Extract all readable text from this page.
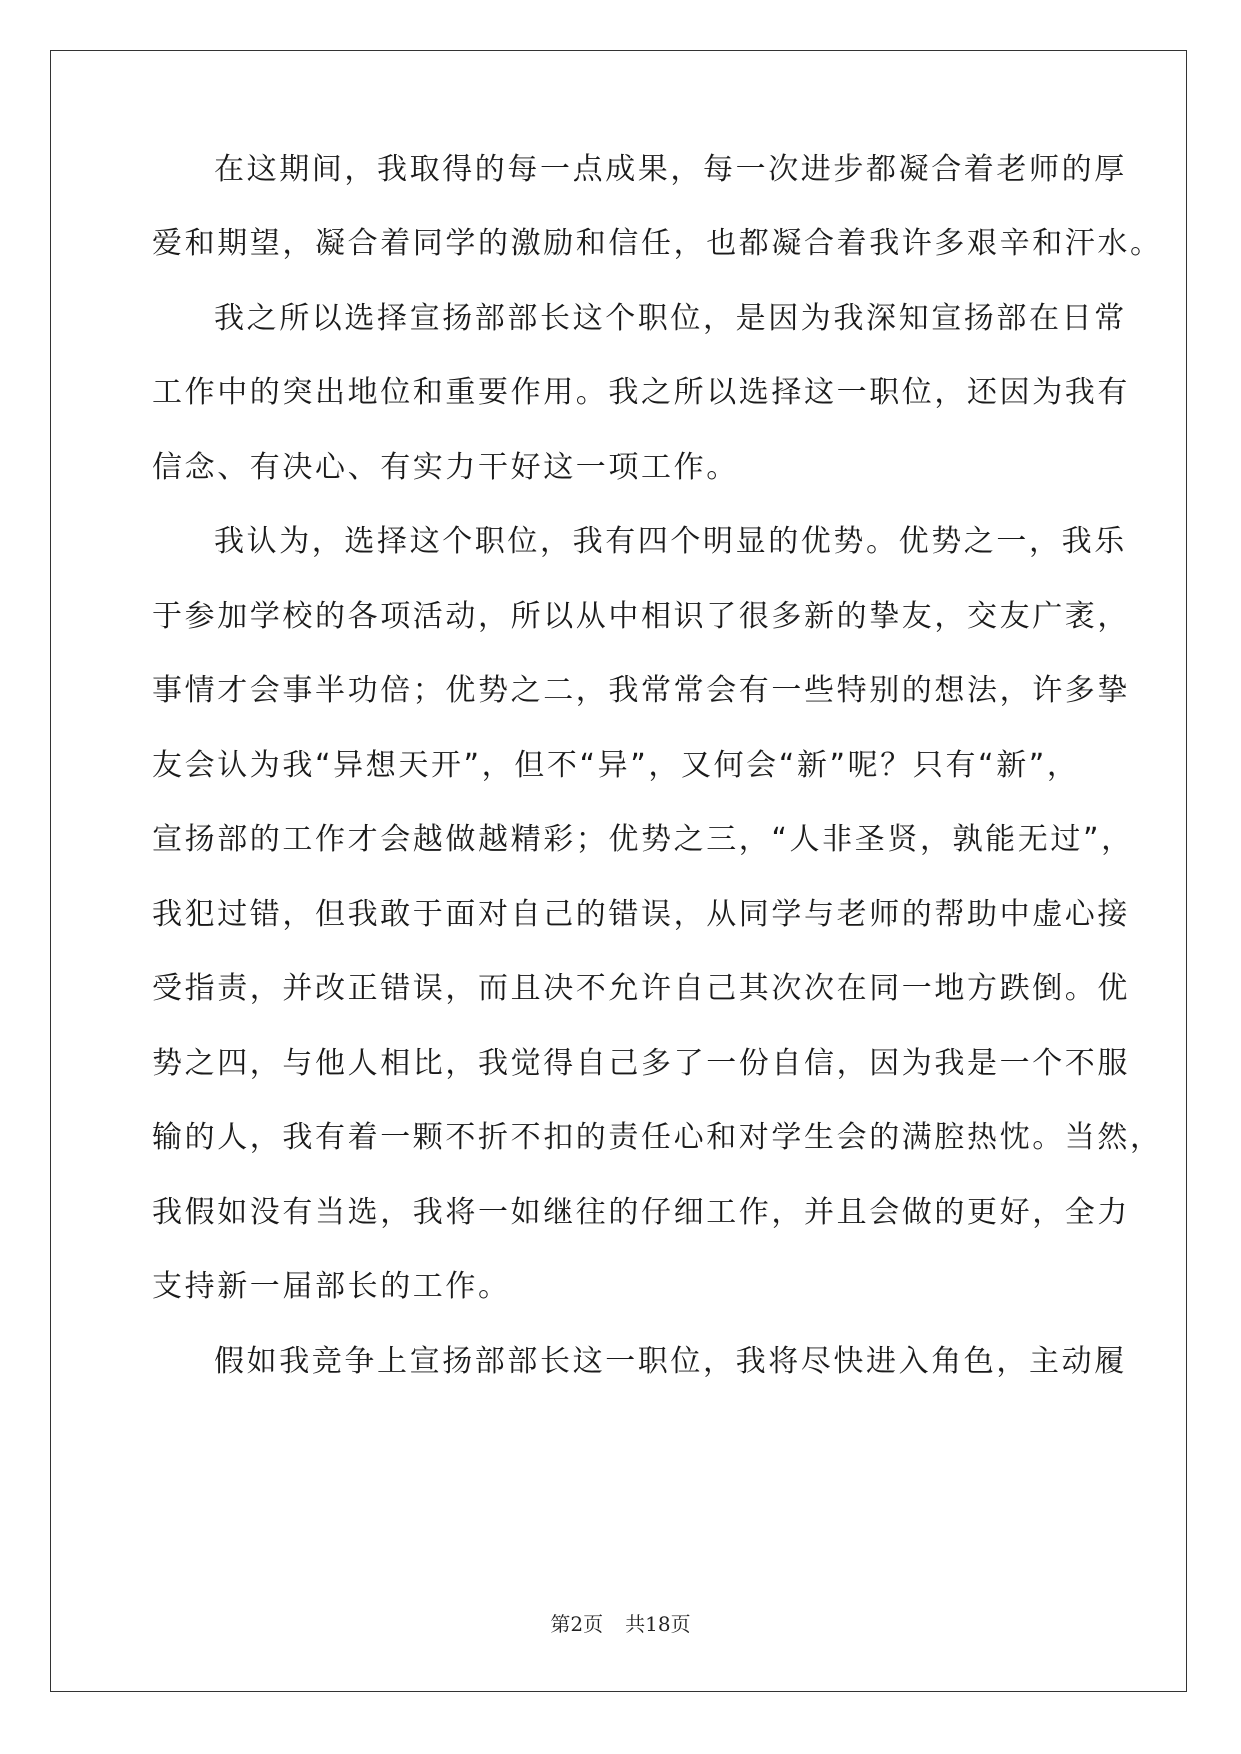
在这期间，我取得的每一点成果，每一次进步都凝合着老师的厚
爱和期望，凝合着同学的激励和信任，也都凝合着我许多艰辛和汗水。
我之所以选择宣扬部部长这个职位，是因为我深知宣扬部在日常
工作中的突出地位和重要作用。我之所以选择这一职位，还因为我有
信念、有决心、有实力干好这一项工作。
我认为，选择这个职位，我有四个明显的优势。优势之一，我乐
于参加学校的各项活动，所以从中相识了很多新的挚友，交友广袤，
事情才会事半功倍；优势之二，我常常会有一些特别的想法，许多挚
友会认为我“异想天开”，但不“异”，又何会“新”呢？只有“新”，
宣扬部的工作才会越做越精彩；优势之三，“人非圣贤，孰能无过”，
我犯过错，但我敢于面对自己的错误，从同学与老师的帮助中虚心接
受指责，并改正错误，而且决不允许自己其次次在同一地方跌倒。优
势之四，与他人相比，我觉得自己多了一份自信，因为我是一个不服
输的人，我有着一颗不折不扣的责任心和对学生会的满腔热忱。当然，
我假如没有当选，我将一如继往的仔细工作，并且会做的更好，全力
支持新一届部长的工作。
假如我竞争上宣扬部部长这一职位，我将尽快进入角色，主动履
第2页 共18页
